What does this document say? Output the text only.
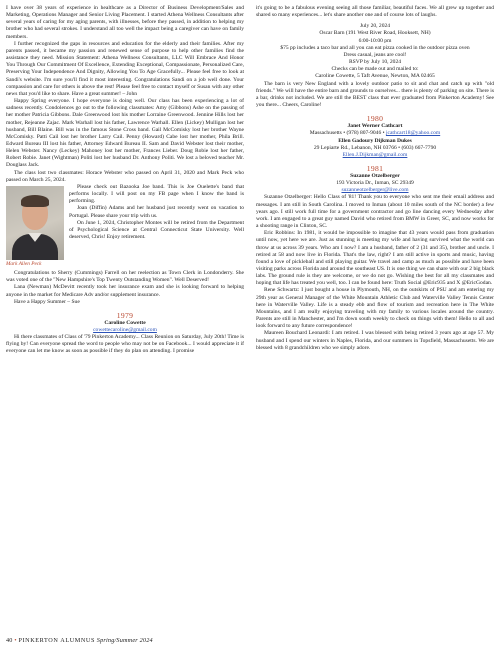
I have over 38 years of experience in healthcare as a Director of Business Development/Sales and Marketing, Operations Manager and Senior Living Placement. I started Athena Wellness Consultants after several years of caring for my aging parents, with illnesses, before they passed, in addition to helping my brother who had several strokes. I understand all too well the impact being a caregiver can have on family members.

I further recognized the gaps in resources and education for the elderly and their families. After my parents passed, it became my passion and renewed sense of purpose to help other families find the assistance they need. Mission Statement: Athena Wellness Consultants, LLC Will Embrace And Honor You Through Our Commitment Of Excellence, Extending Exceptional, Compassionate, Personalized Care, Preserving Your Independence And Dignity, Allowing You To Age Gracefully... Please feel free to look at Sandi's website. I'm sure you'll find it most interesting. Congratulations Sandi on a job well done. Your compassion and care for others is above the rest! Please feel free to contact myself or Susan with any other news that you'd like to share. Have a great summer! – John

Happy Spring everyone. I hope everyone is doing well. Our class has been experiencing a lot of sadness recently. Condolences go out to the following classmates: Amy (Gibbons) Ashe on the passing of her mother Patricia Gibbons. Dale Greenwood lost his mother Lorraine Greenwood. Jennine Hills lost her mother, Rejeanne Zajac. Mark Warhall lost his father, Lawrence Warhall. Ellen (Lickey) Mulligan lost her husband, Bill Blaine. Bill was in the famous Stone Cross band. Gail McComisky lost her brother Wayne McComisky. Patti Cail lost her brother Larry Cail. Penny (Howard) Cabe lost her mother, Phila Brill. Edward Bureau III lost his father, Attorney Edward Bureau II. Sam and David Webster lost their mother, Helen Webster. Nancy (Leckey) Mahoney lost her mother, Frances Lieber. Doug Robie lost her father, Robert Robie. Janet (Wightman) Politi lost her husband Dr. Anthony Politi. We lost a beloved teacher Mr. Douglass Jack.

The class lost two classmates: Horace Webster who passed on April 31, 2020 and Mark Peck who passed on March 25, 2024.

Mark Allen Peck

Please check out Bazooka Joe band. This is Joe Ouelette's band that performs locally. I will post on my FB page when I know the band is performing.

Joan (Diffin) Adams and her husband just recently went on vacation to Portugal. Please share your trip with us.

On June 1, 2024, Christopher Montes will be retired from the Department of Psychological Science at Central Connecticut State University. Well deserved, Chris! Enjoy retirement.

Congratulations to Sherry (Cummings) Farrell on her reelection as Town Clerk in Londonderry. She was voted one of the "New Hampshire's Top Twenty Outstanding Women". Well Deserved!

Lana (Newman) McDevitt recently took her insurance exam and she is looking forward to helping anyone in the market for Medicare Adv and/or supplement insurance.

Have a Happy Summer – Sue

1979
Caroline Cowette
cowettecaroline@gmail.com

Hi there classmates of Class of '79 Pinkerton Academy... Class Reunion on Saturday, July 20th! Time is flying by! Can everyone spread the word to people who may not be on Facebook... I would appreciate it if everyone can let me know as soon as possible if they do plan on attending. I promise

it's going to be a fabulous evening seeing all those familiar, beautiful faces. We all grew up together and shared so many experiences... let's share another one and of course lots of laughs.

July 20, 2024
Oscar Barn (191 West River Road, Hooksett, NH)
6:00-10:00 pm
$75 pp includes a taco bar and all you can eat pizza cooked in the outdoor pizza oven
Dress casual, jeans are cool!
RSVP by July 10, 2024
Checks can be made out and mailed to:
Caroline Cowette, 5 Taft Avenue, Newton, MA 02465

The barn is very New England with a lovely outdoor patio to sit and chat and catch up with "old friends." We will have the entire barn and grounds to ourselves... there is plenty of parking on site. There is a bar, drinks not included. We are still the BEST class that ever graduated from Pinkerton Academy! See you there... Cheers, Caroline!

1980
Janet Werner Cathcart
Massachusetts • (978) 807-9046 • jcathcart18@yahoo.com
Ellen Gadoury Dijkman Dukes
29 Lepiarte Rd., Lebanon, NH 03766 • (603) 667-7790
Ellen.J.Dijkman@gmail.com
1981
Suzanne Otzelberger
193 Victoria Dr., Inman, SC 29349
suzanneotzelberger@live.com

Suzanne Otzelberger: Hello Class of '81! Thank you to everyone who sent me their email address and messages. I am still in South Carolina. I moved to Inman (about 10 miles south of the NC border) a few years ago. I still work full time for a government contractor and go line dancing every Wednesday after work. I am engaged to a great guy named David who retired from BMW in Greer, SC, and now works for a shooting range in Clinton, SC.

Eric Robbins: In 1981, it would be impossible to imagine that 43 years would pass from graduation until now, yet here we are. Just as stunning is meeting my wife and having survived what the world can throw at us across 39 years. Who am I now? I am a husband, father of 2 (31 and 35), brother and uncle. I retired at 58 and now live in Florida. That's the law, right? I am still active in sports and music, having found a love of pickleball and still playing guitar. We travel and camp as much as possible and have been visiting parks across Florida and around the southeast US. It is one thing we can share with our 2 big black labs. The ground rule is they are welcome, or we do not go. Wishing the best for all my classmates and hoping that life has treated you well, too. I can be found here: Truth Social @Eric935 and X @EricGodan.

Rene Schwartz: I just bought a house in Plymouth, NH, on the outskirts of PSU and am entering my 29th year as General Manager of the White Mountain Athletic Club and Waterville Valley Tennis Center here in Waterville Valley. Life is a steady ebb and flow of tourism and recreation here in The White Mountains, and I am really enjoying traveling with my family to various locales around the country. Parents are still in Manchester, and I'm down south weekly to check on things with them! Hello to all and look forward to any future correspondence!

Maureen Bouchard Leonardi: I am retired. I was blessed with being retired 3 years ago at age 57. My husband and I spend our winters in Naples, Florida, and our summers in Topsfield, Massachusetts. We are blessed with 8 grandchildren who we simply adore.

40 • PINKERTON ALUMNUS Spring/Summer 2024
